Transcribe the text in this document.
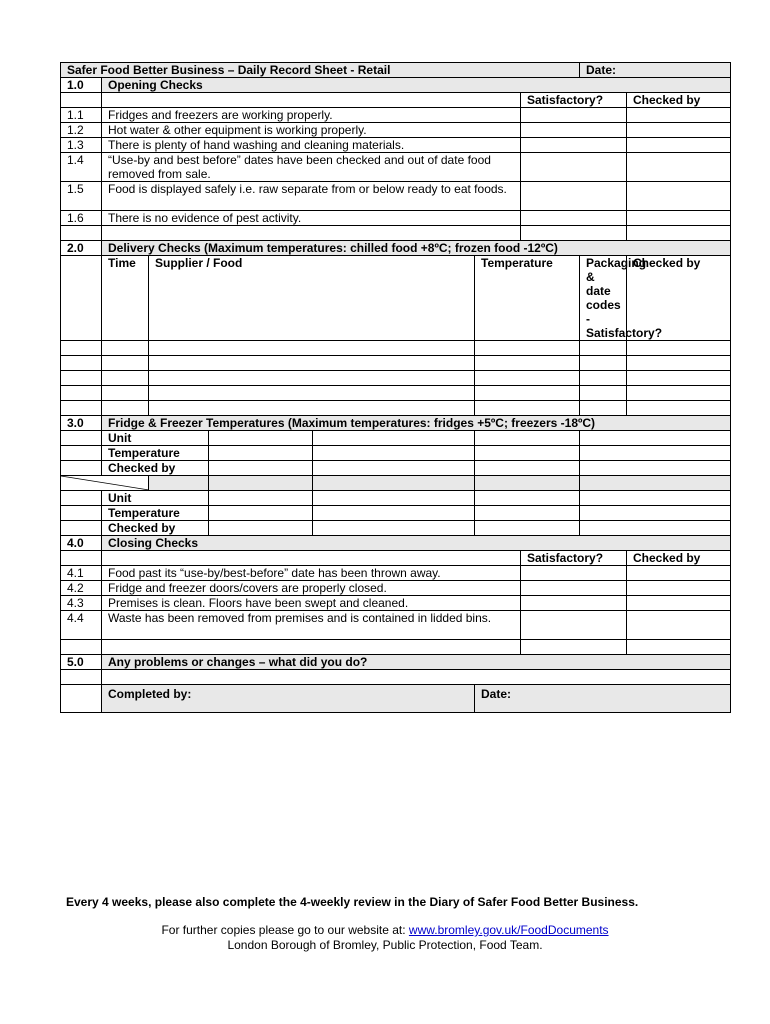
Safer Food Better Business – Daily Record Sheet - Retail							Date:	
1.0	Opening Checks							
						Satisfactory?		Checked by
1.1	Fridges and freezers are working properly.							
1.2	Hot water & other equipment is working properly.							
1.3	There is plenty of hand washing and cleaning materials.							
1.4	“Use-by and best before” dates have been checked and out of date food removed from sale.							
1.5	Food is displayed safely i.e. raw separate from or below ready to eat foods.							
1.6	There is no evidence of pest activity.							

2.0	Delivery Checks (Maximum temperatures: chilled food +8ºC; frozen food -12ºC)							
	Time	Supplier / Food			Temperature		Packaging & date codes - Satisfactory?	Checked by

3.0	Fridge & Freezer Temperatures (Maximum temperatures: fridges +5ºC; freezers -18ºC)							
	Unit							
	Temperature							
	Checked by							

	Unit							
	Temperature							
	Checked by							
4.0	Closing Checks							
						Satisfactory?		Checked by
4.1	Food past its “use-by/best-before” date has been thrown away.							
4.2	Fridge and freezer doors/covers are properly closed.							
4.3	Premises is clean. Floors have been swept and cleaned.							
4.4	Waste has been removed from premises and is contained in lidded bins.							

5.0	Any problems or changes – what did you do?							

	Completed by:				Date:			
Every 4 weeks, please also complete the 4-weekly review in the Diary of Safer Food Better Business.
For further copies please go to our website at: www.bromley.gov.uk/FoodDocuments
London Borough of Bromley, Public Protection, Food Team.
